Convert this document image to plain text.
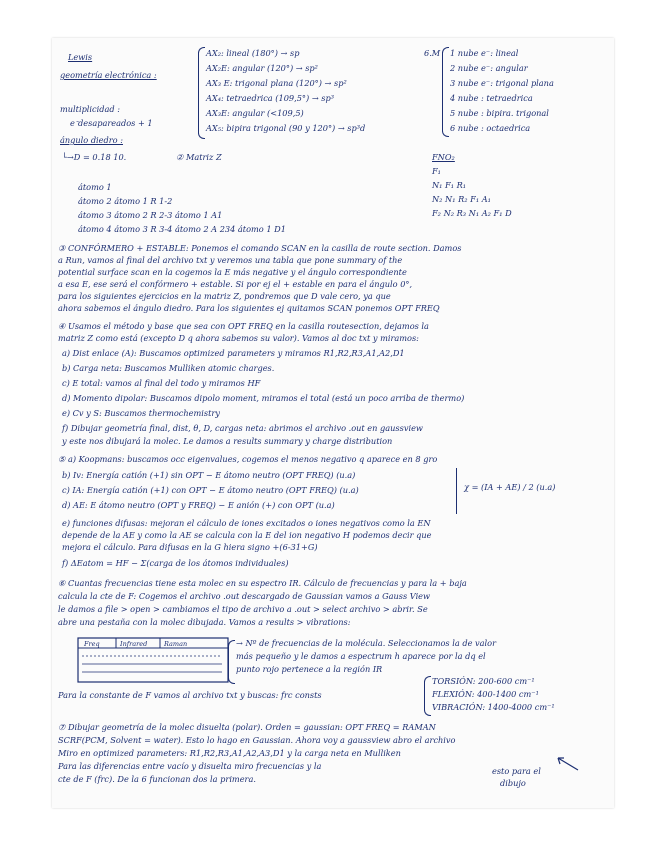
Lewis

geometría electrónica :

multiplicidad :

eᐨdesapareados + 1

ángulo diedro :

└→D = 0.18 10.

AX₂: lineal (180°) → sp

AX₂E: angular (120°) → sp²

AX₃ E: trigonal plana (120°) → sp²

AX₄: tetraedrica (109,5°) → sp³

AX₃E: angular (<109,5)

AX₅: bipira trigonal (90 y 120°) → sp³d

6.M 1 nube e⁻: lineal

2 nube e⁻: angular

3 nube e⁻: trigonal plana

4 nube : tetraedrica

5 nube : bipira. trigonal

6 nube : octaedrica

② Matriz Z	FNO₂

F₁

N₁ F₁ R₁

N₂ N₁ R₂ F₁ A₁

F₂ N₂ R₃ N₁ A₂ F₁ D

átomo 1

átomo 2 átomo 1 R 1-2

átomo 3 átomo 2 R 2-3 átomo 1 A1

átomo 4 átomo 3 R 3-4 átomo 2 A 234 átomo 1 D1

③ CONFÓRMERO + ESTABLE: Ponemos el comando SCAN en la casilla de route section. Damos

a Run, vamos al final del archivo txt y veremos una tabla que pone summary of the

potential surface scan en la cogemos la E más negative y el ángulo correspondiente

a esa E, ese será el confórmero + estable. Si por ej el + estable en para el ángulo 0°,

para los siguientes ejercicios en la matriz Z, pondremos que D vale cero, ya que

ahora sabemos el ángulo diedro. Para los siguientes ej quitamos SCAN ponemos OPT FREQ

④ Usamos el método y base que sea con OPT FREQ en la casilla routesection, dejamos la

matriz Z como está (excepto D q ahora sabemos su valor). Vamos al doc txt y miramos:

a) Dist enlace (A): Buscamos optimized parameters y miramos R1,R2,R3,A1,A2,D1

b) Carga neta: Buscamos Mulliken atomic charges.

c) E total: vamos al final del todo y miramos HF

d) Momento dipolar: Buscamos dipolo moment, miramos el total (está un poco arriba de thermo)

e) Cv y S: Buscamos thermochemistry

f) Dibujar geometría final, dist, θ, D, cargas neta: abrimos el archivo .out en gaussview

y este nos dibujará la molec. Le damos a results summary y charge distribution

⑤ a) Koopmans: buscamos occ eigenvalues, cogemos el menos negativo q aparece en 8 gro

b) Iv: Energía catión (+1) sin OPT − E átomo neutro (OPT FREQ) (u.a)

c) IA: Energía catión (+1) con OPT − E átomo neutro (OPT FREQ) (u.a)

d) AE: E átomo neutro (OPT y FREQ) − E anión (+) con OPT (u.a)

χ = (IA + AE) / 2 (u.a)

e) funciones difusas: mejoran el cálculo de iones excitados o iones negativos como la EN

depende de la AE y como la AE se calcula con la E del ion negativo H podemos decir que

mejora el cálculo. Para difusas en la G hiera signo +(6-31+G)

f) ΔEatom = HF − Σ(carga de los átomos individuales)

⑥ Cuantas frecuencias tiene esta molec en su espectro IR. Cálculo de frecuencias y para la + baja

calcula la cte de F: Cogemos el archivo .out descargado de Gaussian vamos a Gauss View

le damos a file > open > cambiamos el tipo de archivo a .out > select archivo > abrir. Se

abre una pestaña con la molec dibujada. Vamos a results > vibrations:

Freq	Infrared	Raman	→ Nº de frecuencias de la molécula. Seleccionamos la de valor

más pequeño y le damos a espectrum h aparece por la dq el

punto rojo pertenece a la región IR

Para la constante de F vamos al archivo txt y buscas: frc consts

TORSIÓN: 200-600 cm⁻¹

FLEXIÓN: 400-1400 cm⁻¹

VIBRACIÓN: 1400-4000 cm⁻¹

⑦ Dibujar geometría de la molec disuelta (polar). Orden = gaussian: OPT FREQ = RAMAN

SCRF(PCM, Solvent = water). Esto lo hago en Gaussian. Ahora voy a gaussview abro el archivo

Miro en optimized parameters: R1,R2,R3,A1,A2,A3,D1 y la carga neta en Mulliken

Para las diferencias entre vacío y disuelta miro frecuencias y la

cte de F (frc). De la 6 funcionan dos la primera.

esto para el

dibujo
